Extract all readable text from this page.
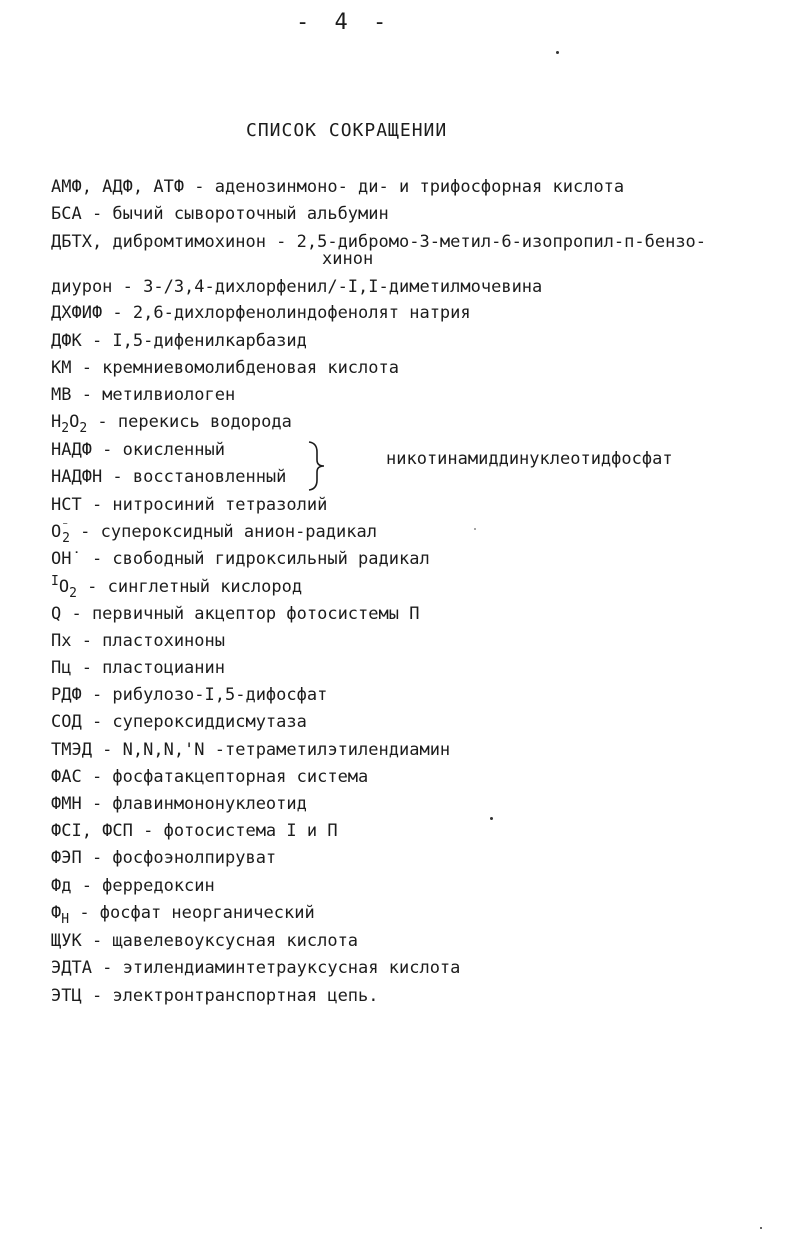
- 4 -
СПИСОК СОКРАЩЕНИИ
АМФ, АДФ, АТФ - аденозинмоно- ди- и трифосфорная кислота
БСА - бычий сывороточный альбумин
ДБТХ, дибромтимохинон - 2,5-дибромо-3-метил-6-изопропил-п-бензо-
хинон
диурон - 3-/3,4-дихлорфенил/-I,I-диметилмочевина
ДХФИФ - 2,6-дихлорфенолиндофенолят натрия
ДФК - I,5-дифенилкарбазид
КМ - кремниевомолибденовая кислота
МВ - метилвиологен
$H_2O_2$ - перекись водорода
НАДФ - окисленный
НАДФН - восстановленный
никотинамиддинуклеотидфосфат
НСТ - нитросиний тетразолий
$O^{^-}_2$ - супероксидный анион-радикал
OH˙ - свободный гидроксильный радикал
$^IO_2$ - синглетный кислород
Q - первичный акцептор фотосистемы П
Пх - пластохиноны
Пц - пластоцианин
РДФ - рибулозо-I,5-дифосфат
СОД - супероксиддисмутаза
ТМЭД - N,N,N,'N -тетраметилэтилендиамин
ФАС - фосфатакцепторная система
ФМН - флавинмононуклеотид
ФСI, ФСП - фотосистема I и П
ФЭП - фосфоэнолпируват
Фд - ферредоксин
$Ф_Н$ - фосфат неорганический
ЩУК - щавелевоуксусная кислота
ЭДТА - этилендиаминтетрауксусная кислота
ЭТЦ - электронтранспортная цепь.
